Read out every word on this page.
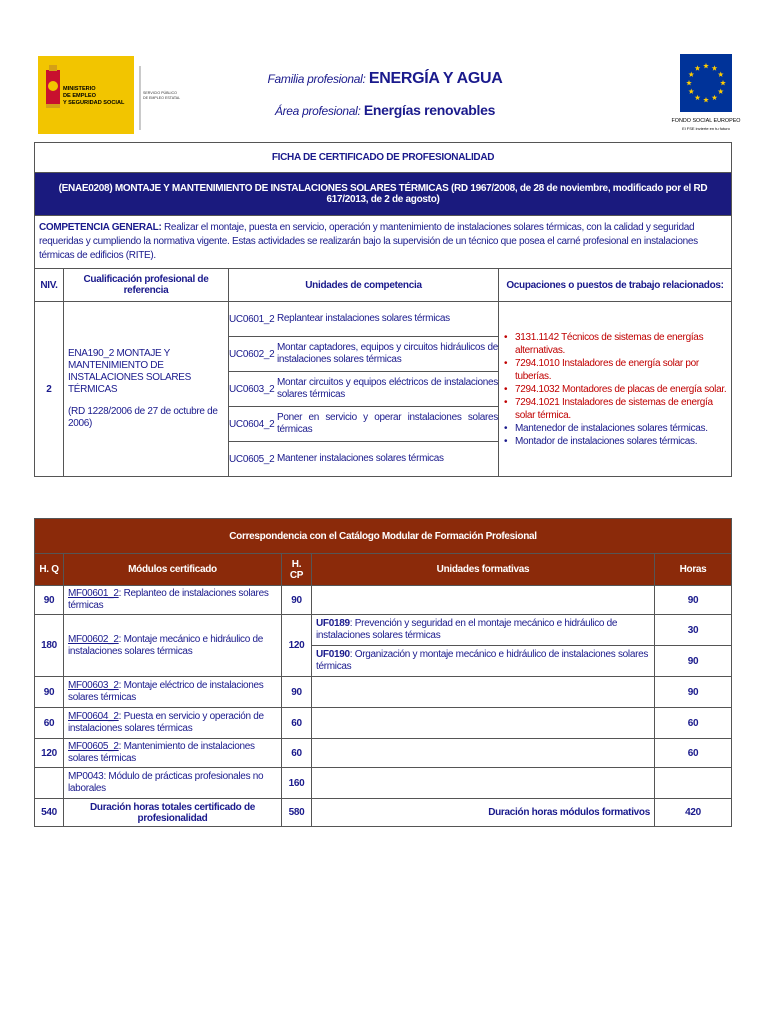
MINISTERIO
DE EMPLEO
Y SEGURIDAD SOCIAL
SERVICIO PÚBLICO
DE EMPLEO ESTATAL
Familia profesional: ENERGÍA Y AGUA
Área profesional: Energías renovables
FONDO SOCIAL EUROPEO
El FSE invierte en tu futuro
FICHA DE CERTIFICADO DE PROFESIONALIDAD
(ENAE0208) MONTAJE Y MANTENIMIENTO DE INSTALACIONES SOLARES TÉRMICAS (RD 1967/2008, de 28 de noviembre, modificado por el RD 617/2013, de 2 de agosto)
COMPETENCIA GENERAL: Realizar el montaje, puesta en servicio, operación y mantenimiento de instalaciones solares térmicas, con la calidad y seguridad requeridas y cumpliendo la normativa vigente. Estas actividades se realizarán bajo la supervisión de un técnico que posea el carné profesional en instalaciones térmicas de edificios (RITE).
NIV.	Cualificación profesional de referencia	Unidades de competencia	Ocupaciones o puestos de trabajo relacionados:
2	
ENA190_2 MONTAJE Y MANTENIMIENTO DE INSTALACIONES SOLARES TÉRMICAS
(RD 1228/2006 de 27 de octubre de 2006)

UC0601_2	Replantear instalaciones solares térmicas
UC0602_2	Montar captadores, equipos y circuitos hidráulicos de instalaciones solares térmicas
UC0603_2	Montar circuitos y equipos eléctricos de instalaciones solares térmicas
UC0604_2	Poner en servicio y operar instalaciones solares térmicas
UC0605_2	Mantener instalaciones solares térmicas

• 3131.1142 Técnicos de sistemas de energías alternativas.
• 7294.1010 Instaladores de energía solar por tuberías.
• 7294.1032 Montadores de placas de energía solar.
• 7294.1021 Instaladores de sistemas de energía solar térmica.
• Mantenedor de instalaciones solares térmicas.
• Montador de instalaciones solares térmicas.
Correspondencia con el Catálogo Modular de Formación Profesional				
H. Q	Módulos certificado	H. CP	Unidades formativas	Horas
90	MF00601_2: Replanteo de instalaciones solares térmicas	90		90
180	MF00602_2: Montaje mecánico e hidráulico de instalaciones solares térmicas	120	UF0189: Prevención y seguridad en el montaje mecánico e hidráulico de instalaciones solares térmicas	30
			UF0190: Organización y montaje mecánico e hidráulico de instalaciones solares térmicas	90
90	MF00603_2: Montaje eléctrico de instalaciones solares térmicas	90		90
60	MF00604_2: Puesta en servicio y operación de instalaciones solares térmicas	60		60
120	MF00605_2: Mantenimiento de instalaciones solares térmicas	60		60
	MP0043: Módulo de prácticas profesionales no laborales	160		
540	Duración horas totales certificado de profesionalidad	580	Duración horas módulos formativos	420
